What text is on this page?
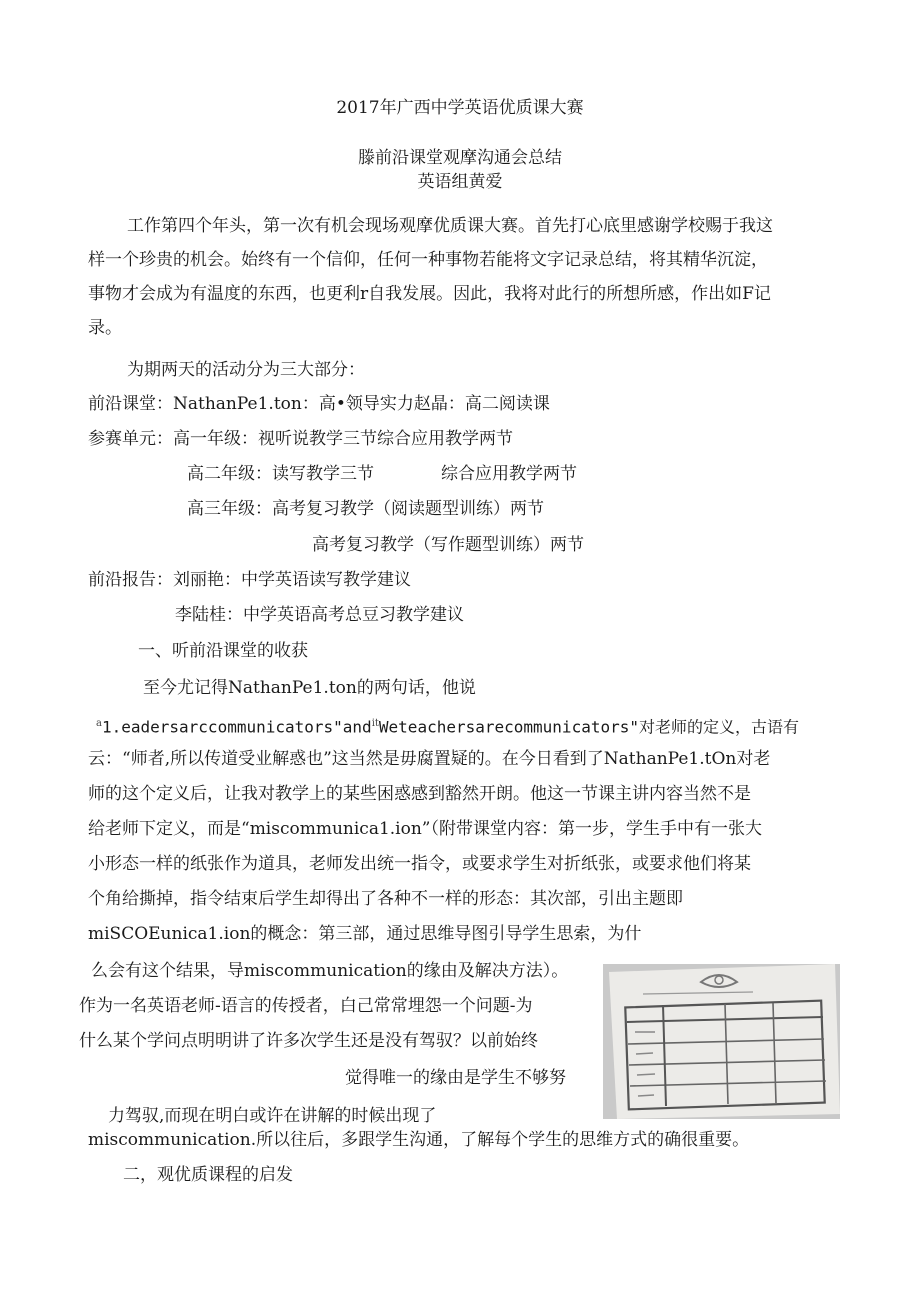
2017年广西中学英语优质课大赛
滕前沿课堂观摩沟通会总结
英语组黄爱
工作第四个年头，第一次有机会现场观摩优质课大赛。首先打心底里感谢学校赐于我这
样一个珍贵的机会。始终有一个信仰，任何一种事物若能将文字记录总结，将其精华沉淀，
事物才会成为有温度的东西，也更利r自我发展。因此，我将对此行的所想所感，作出如F记
录。
为期两天的活动分为三大部分：
前沿课堂：NathanPe1.ton：高•领导实力赵晶：高二阅读课
参赛单元：高一年级：视听说教学三节综合应用教学两节
高二年级：读写教学三节	综合应用教学两节
高三年级：高考复习教学（阅读题型训练）两节
高考复习教学（写作题型训练）两节
前沿报告：刘丽艳：中学英语读写教学建议
李陆桂：中学英语高考总豆习教学建议
一、听前沿课堂的收获
至今尤记得NathanPe1.ton的两句话，他说
$^a$1.eadersarccommunicators"and$^{it}$Weteachersarecommunicators"对老师的定义，古语有
云：“师者,所以传道受业解惑也”这当然是毋腐置疑的。在今日看到了NathanPe1.tOn对老
师的这个定义后，让我对教学上的某些困惑感到豁然开朗。他这一节课主讲内容当然不是
给老师下定义，而是“miscommunica1.ion”（附带课堂内容：第一步，学生手中有一张大
小形态一样的纸张作为道具，老师发出统一指令，或要求学生对折纸张，或要求他们将某
个角给撕掉，指令结束后学生却得出了各种不一样的形态：其次部，引出主题即
miSCOEunica1.ion的概念：第三部，通过思维导图引导学生思索，为什
么会有这个结果，导miscommunication的缘由及解决方法）。
作为一名英语老师-语言的传授者，白己常常埋怨一个问题-为
什么某个学问点明明讲了许多次学生还是没有驾驭？以前始终
觉得唯一的缘由是学生不够努
力驾驭,而现在明白或许在讲解的时候出现了
miscommunication.所以往后，多跟学生沟通，了解每个学生的思维方式的确很重要。
二，观优质课程的启发
